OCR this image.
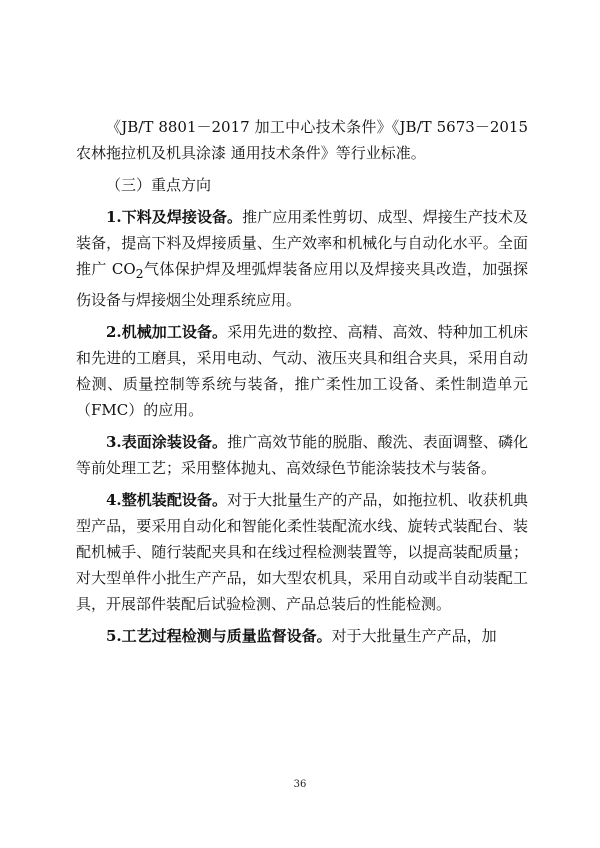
《JB/T 8801－2017 加工中心技术条件》《JB/T 5673－2015 农林拖拉机及机具涂漆 通用技术条件》等行业标准。

（三）重点方向

1.下料及焊接设备。推广应用柔性剪切、成型、焊接生产技术及装备，提高下料及焊接质量、生产效率和机械化与自动化水平。全面推广 $CO_2$气体保护焊及埋弧焊装备应用以及焊接夹具改造，加强探伤设备与焊接烟尘处理系统应用。

2.机械加工设备。采用先进的数控、高精、高效、特种加工机床和先进的工磨具，采用电动、气动、液压夹具和组合夹具，采用自动检测、质量控制等系统与装备，推广柔性加工设备、柔性制造单元（FMC）的应用。

3.表面涂装设备。推广高效节能的脱脂、酸洗、表面调整、磷化等前处理工艺；采用整体抛丸、高效绿色节能涂装技术与装备。

4.整机装配设备。对于大批量生产的产品，如拖拉机、收获机典型产品，要采用自动化和智能化柔性装配流水线、旋转式装配台、装配机械手、随行装配夹具和在线过程检测装置等，以提高装配质量；对大型单件小批生产产品，如大型农机具，采用自动或半自动装配工具，开展部件装配后试验检测、产品总装后的性能检测。

5.工艺过程检测与质量监督设备。对于大批量生产产品，加

36
